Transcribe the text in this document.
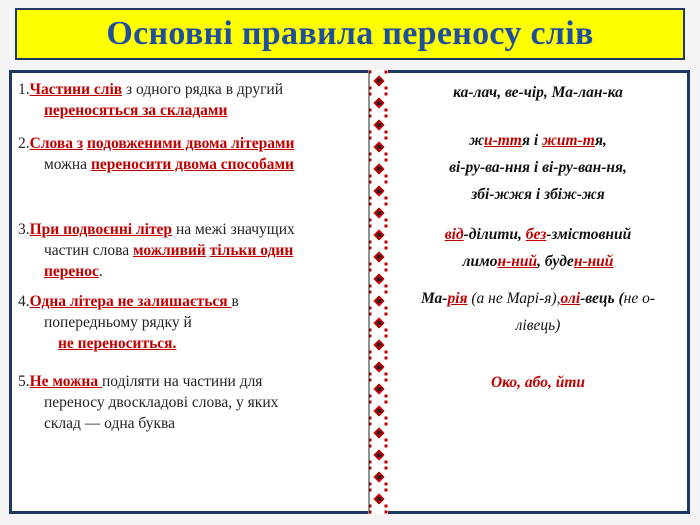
Основні правила переносу слів
1.Частини слів з одного рядка в другий
переносяться за складами
2.Слова з подовженими двома літерами
можна переносити двома способами
3.При подвоєнні літер на межі значущих
частин слова можливий тільки один
перенос.
4.Одна літера не залишається в
попередньому рядку й
не переноситься.
5.Не можна поділяти на частини для
переносу двоскладові слова, у яких
склад — одна буква
ка-лач, ве-чір, Ма-лан-ка
жи-ття і жит-тя,
ві-ру-ва-ння і ві-ру-ван-ня,
збі-жжя і збіж-жя
від-ділити, без-змістовний
лимон-ний, буден-ний
Ма-рія (а не Марі-я),олі-вець (не о-
лівець)
Око, або, йти
